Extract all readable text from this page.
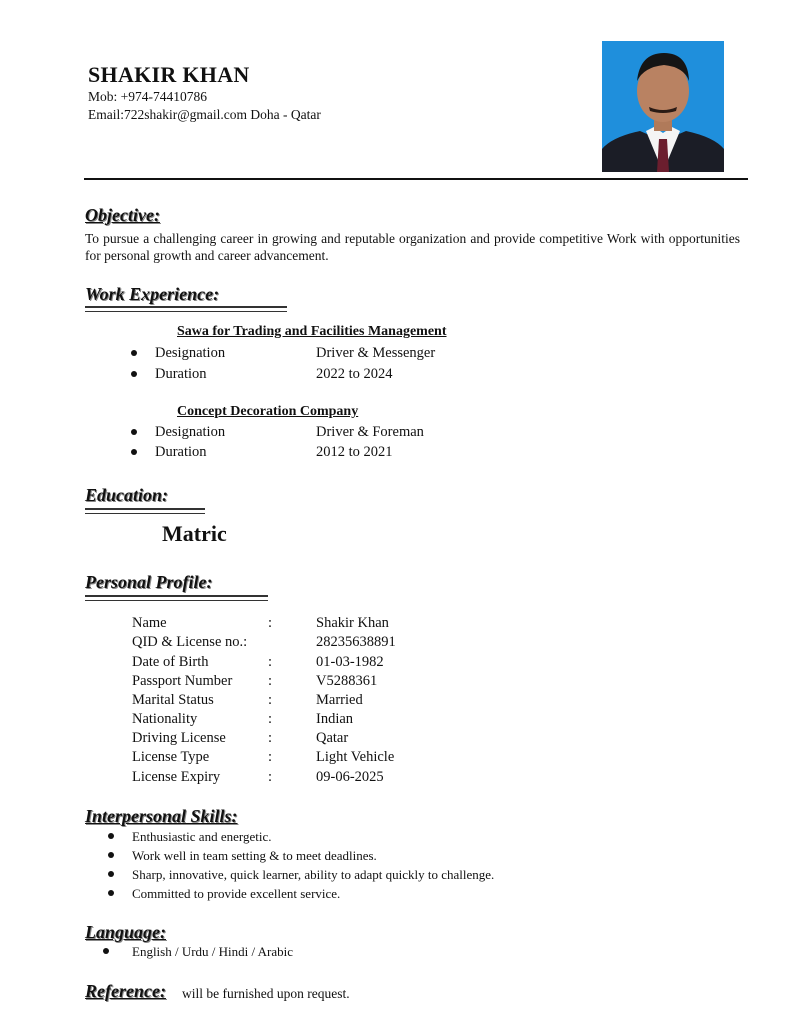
SHAKIR KHAN
Mob: +974-74410786
Email:722shakir@gmail.com Doha - Qatar
Objective:
To pursue a challenging career in growing and reputable organization and provide competitive Work with opportunities for personal growth and career advancement.
Work Experience:
Sawa for Trading and Facilities Management
Designation	Driver & Messenger
Duration	2022 to 2024
Concept Decoration Company
Designation	Driver & Foreman
Duration	2012 to 2021
Education:
Matric
Personal Profile:
Name	:	Shakir Khan
QID & License no.:	28235638891
Date of Birth	:	01-03-1982
Passport Number :	V5288361
Marital Status	:	Married
Nationality	:	Indian
Driving License	:	Qatar
License Type	:	Light Vehicle
License Expiry	:	09-06-2025
Interpersonal Skills:
Enthusiastic and energetic.
Work well in team setting & to meet deadlines.
Sharp, innovative, quick learner, ability to adapt quickly to challenge.
Committed to provide excellent service.
Language:
English / Urdu / Hindi / Arabic
Reference: will be furnished upon request.
